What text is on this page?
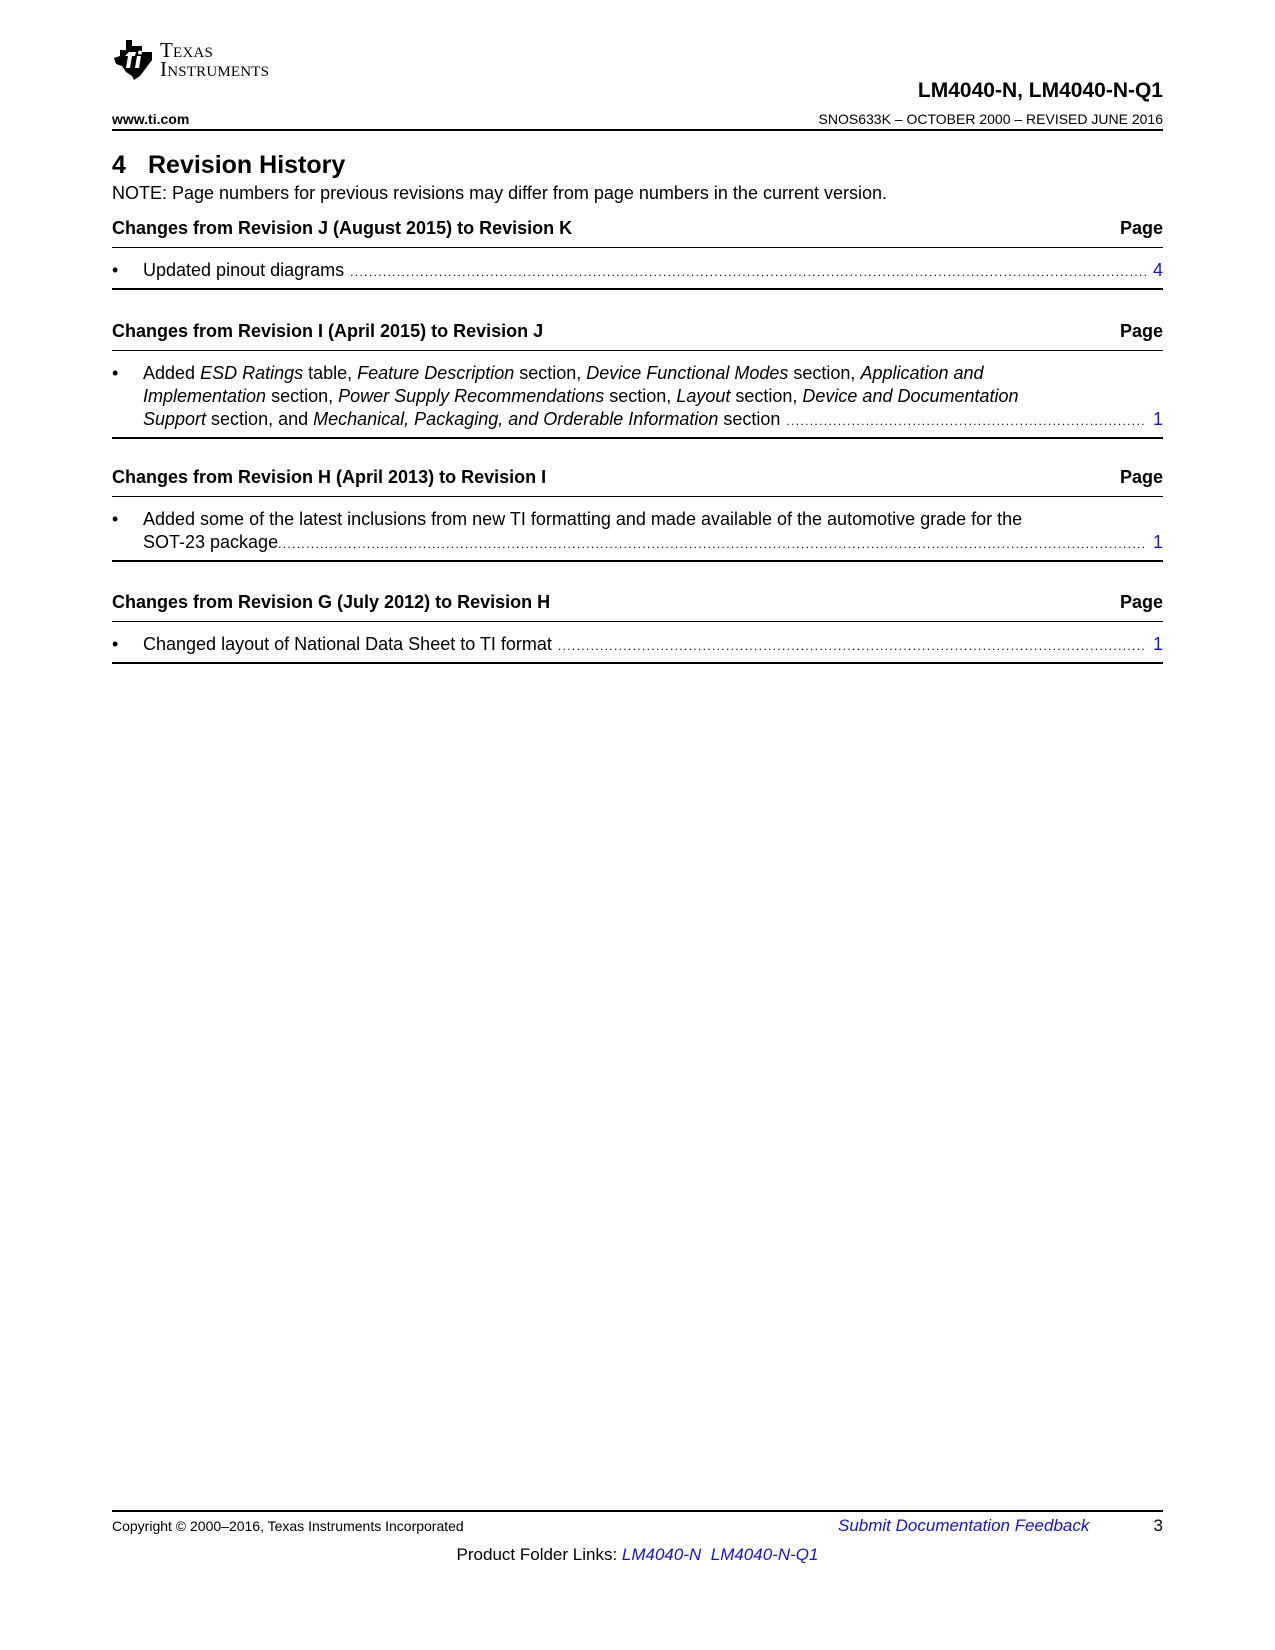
Texas
Instruments
LM4040-N, LM4040-N-Q1
www.ti.com	SNOS633K – OCTOBER 2000 – REVISED JUNE 2016
4 Revision History
NOTE: Page numbers for previous revisions may differ from page numbers in the current version.
Changes from Revision J (August 2015) to Revision K	Page
• Updated pinout diagrams . . .	4
Changes from Revision I (April 2015) to Revision J	Page
• Added ESD Ratings table, Feature Description section, Device Functional Modes section, Application and
Implementation section, Power Supply Recommendations section, Layout section, Device and Documentation
Support section, and Mechanical, Packaging, and Orderable Information section . . .	1
Changes from Revision H (April 2013) to Revision I	Page
• Added some of the latest inclusions from new TI formatting and made available of the automotive grade for the
SOT-23 package . . .	1
Changes from Revision G (July 2012) to Revision H	Page
• Changed layout of National Data Sheet to TI format . . .	1
Copyright © 2000–2016, Texas Instruments Incorporated	Submit Documentation Feedback	3
Product Folder Links: LM4040-N LM4040-N-Q1
